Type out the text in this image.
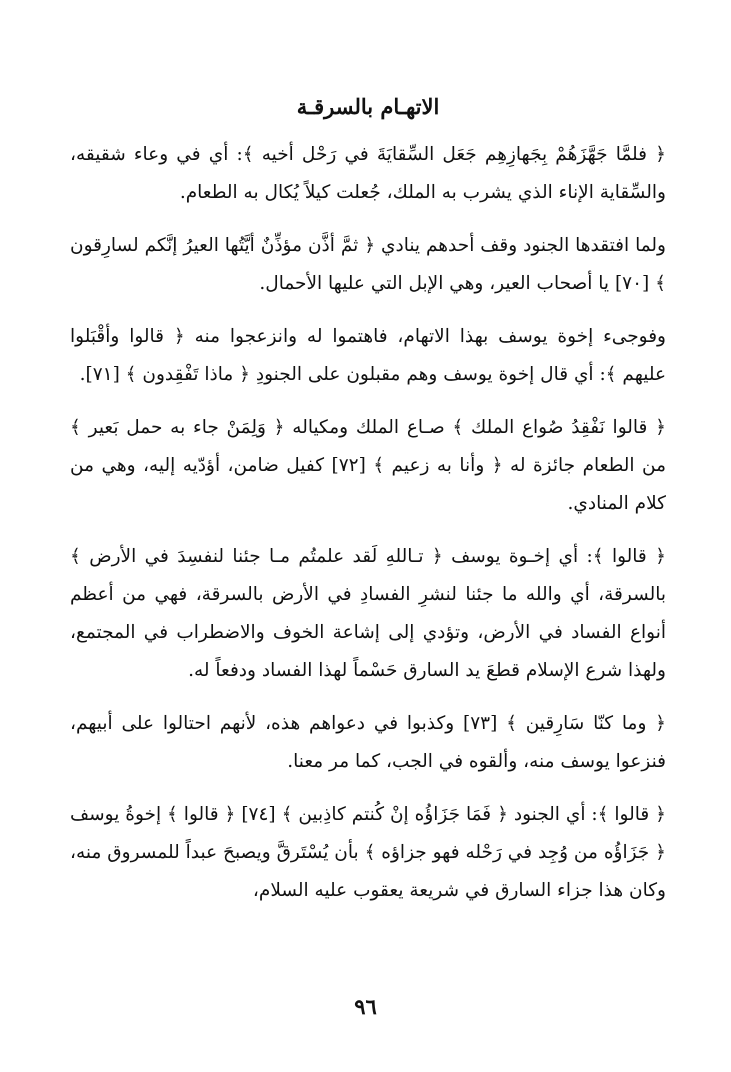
الاتهـام بالسرقـة

﴿ فلمَّا جَهَّزَهُمْ بِجَهازِهِم جَعَل السِّقايَةَ في رَحْل أخيه ﴾: أي في وعاء شقيقه، والسِّقاية الإناء الذي يشرب به الملك، جُعلت كيلاً يُكال به الطعام.

ولما افتقدها الجنود وقف أحدهم ينادي ﴿ ثمَّ أذَّن مؤذِّنٌ أيَّتُها العيرُ إنَّكم لسارِقون ﴾ [٧٠] يا أصحاب العير، وهي الإبل التي عليها الأحمال.

وفوجىء إخوة يوسف بهذا الاتهام، فاهتموا له وانزعجوا منه ﴿ قالوا وأقْبَلوا عليهم ﴾: أي قال إخوة يوسف وهم مقبلون على الجنودِ ﴿ ماذا تَفْقِدون ﴾ [٧١].

﴿ قالوا نَفْقِدُ صُواع الملك ﴾ صـاع الملك ومكياله ﴿ وَلِمَنْ جاء به حمل بَعير ﴾ من الطعام جائزة له ﴿ وأنا به زعيم ﴾ [٧٢] كفيل ضامن، أؤدّيه إليه، وهي من كلام المنادي.

﴿ قالوا ﴾: أي إخـوة يوسف ﴿ تـاللهِ لَقد علمتُم مـا جئنا لنفسِدَ في الأرض ﴾ بالسرقة، أي والله ما جئنا لنشرِ الفسادِ في الأرض بالسرقة، فهي من أعظم أنواع الفساد في الأرض، وتؤدي إلى إشاعة الخوف والاضطراب في المجتمع، ولهذا شرع الإسلام قطعَ يد السارق حَسْماً لهذا الفساد ودفعاً له.

﴿ وما كنّا سَارِقين ﴾ [٧٣] وكذبوا في دعواهم هذه، لأنهم احتالوا على أبيهم، فنزعوا يوسف منه، وألقوه في الجب، كما مر معنا.

﴿ قالوا ﴾: أي الجنود ﴿ فَمَا جَزَاؤُه إنْ كُنتم كاذِبين ﴾ [٧٤] ﴿ قالوا ﴾ إخوةُ يوسف ﴿ جَزَاؤُه من وُجِد في رَحْله فهو جزاؤه ﴾ بأن يُسْتَرقَّ ويصبحَ عبداً للمسروق منه، وكان هذا جزاء السارق في شريعة يعقوب عليه السلام،

٩٦
